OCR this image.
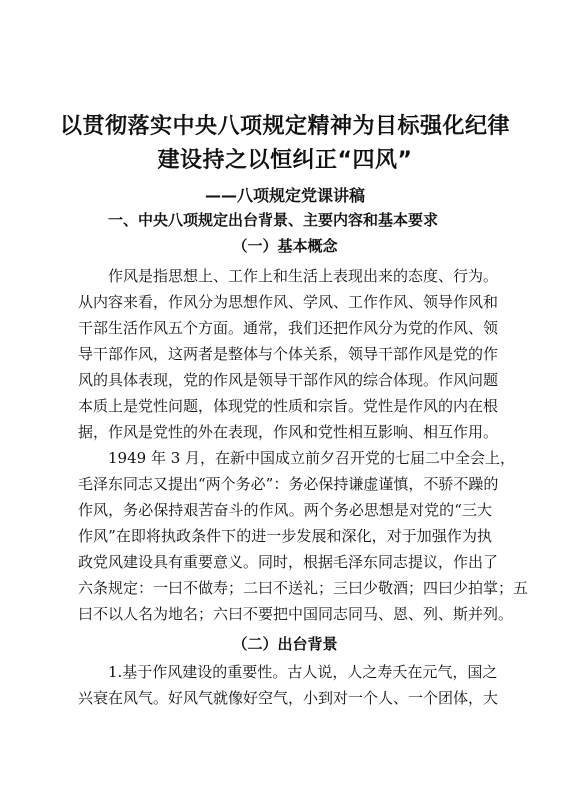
以贯彻落实中央八项规定精神为目标强化纪律
建设持之以恒纠正“四风”
——八项规定党课讲稿
一、中央八项规定出台背景、主要内容和基本要求
（一）基本概念
作风是指思想上、工作上和生活上表现出来的态度、行为。
从内容来看，作风分为思想作风、学风、工作作风、领导作风和
干部生活作风五个方面。通常，我们还把作风分为党的作风、领
导干部作风，这两者是整体与个体关系，领导干部作风是党的作
风的具体表现，党的作风是领导干部作风的综合体现。作风问题
本质上是党性问题，体现党的性质和宗旨。党性是作风的内在根
据，作风是党性的外在表现，作风和党性相互影响、相互作用。
1949 年 3 月，在新中国成立前夕召开党的七届二中全会上，
毛泽东同志又提出“两个务必”：务必保持谦虚谨慎，不骄不躁的
作风，务必保持艰苦奋斗的作风。两个务必思想是对党的“三大
作风”在即将执政条件下的进一步发展和深化，对于加强作为执
政党风建设具有重要意义。同时，根据毛泽东同志提议，作出了
六条规定：一曰不做寿；二曰不送礼；三曰少敬酒；四曰少拍掌；五
曰不以人名为地名；六曰不要把中国同志同马、恩、列、斯并列。
（二）出台背景
1.基于作风建设的重要性。古人说，人之寿夭在元气，国之
兴衰在风气。好风气就像好空气，小到对一个人、一个团体，大
